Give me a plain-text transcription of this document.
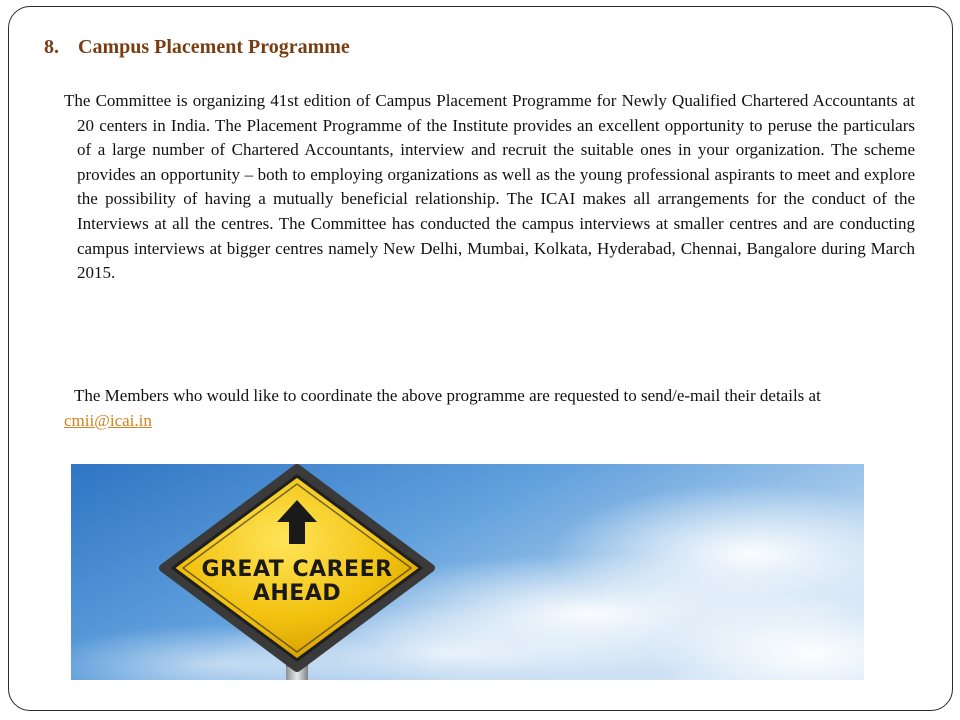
8. Campus Placement Programme

The Committee is organizing 41st edition of Campus Placement Programme for Newly Qualified Chartered Accountants at 20 centers in India. The Placement Programme of the Institute provides an excellent opportunity to peruse the particulars of a large number of Chartered Accountants, interview and recruit the suitable ones in your organization. The scheme provides an opportunity – both to employing organizations as well as the young professional aspirants to meet and explore the possibility of having a mutually beneficial relationship. The ICAI makes all arrangements for the conduct of the Interviews at all the centres. The Committee has conducted the campus interviews at smaller centres and are conducting campus interviews at bigger centres namely New Delhi, Mumbai, Kolkata, Hyderabad, Chennai, Bangalore during March 2015.

The Members who would like to coordinate the above programme are requested to send/e-mail their details at cmii@icai.in

GREAT CAREER
AHEAD
